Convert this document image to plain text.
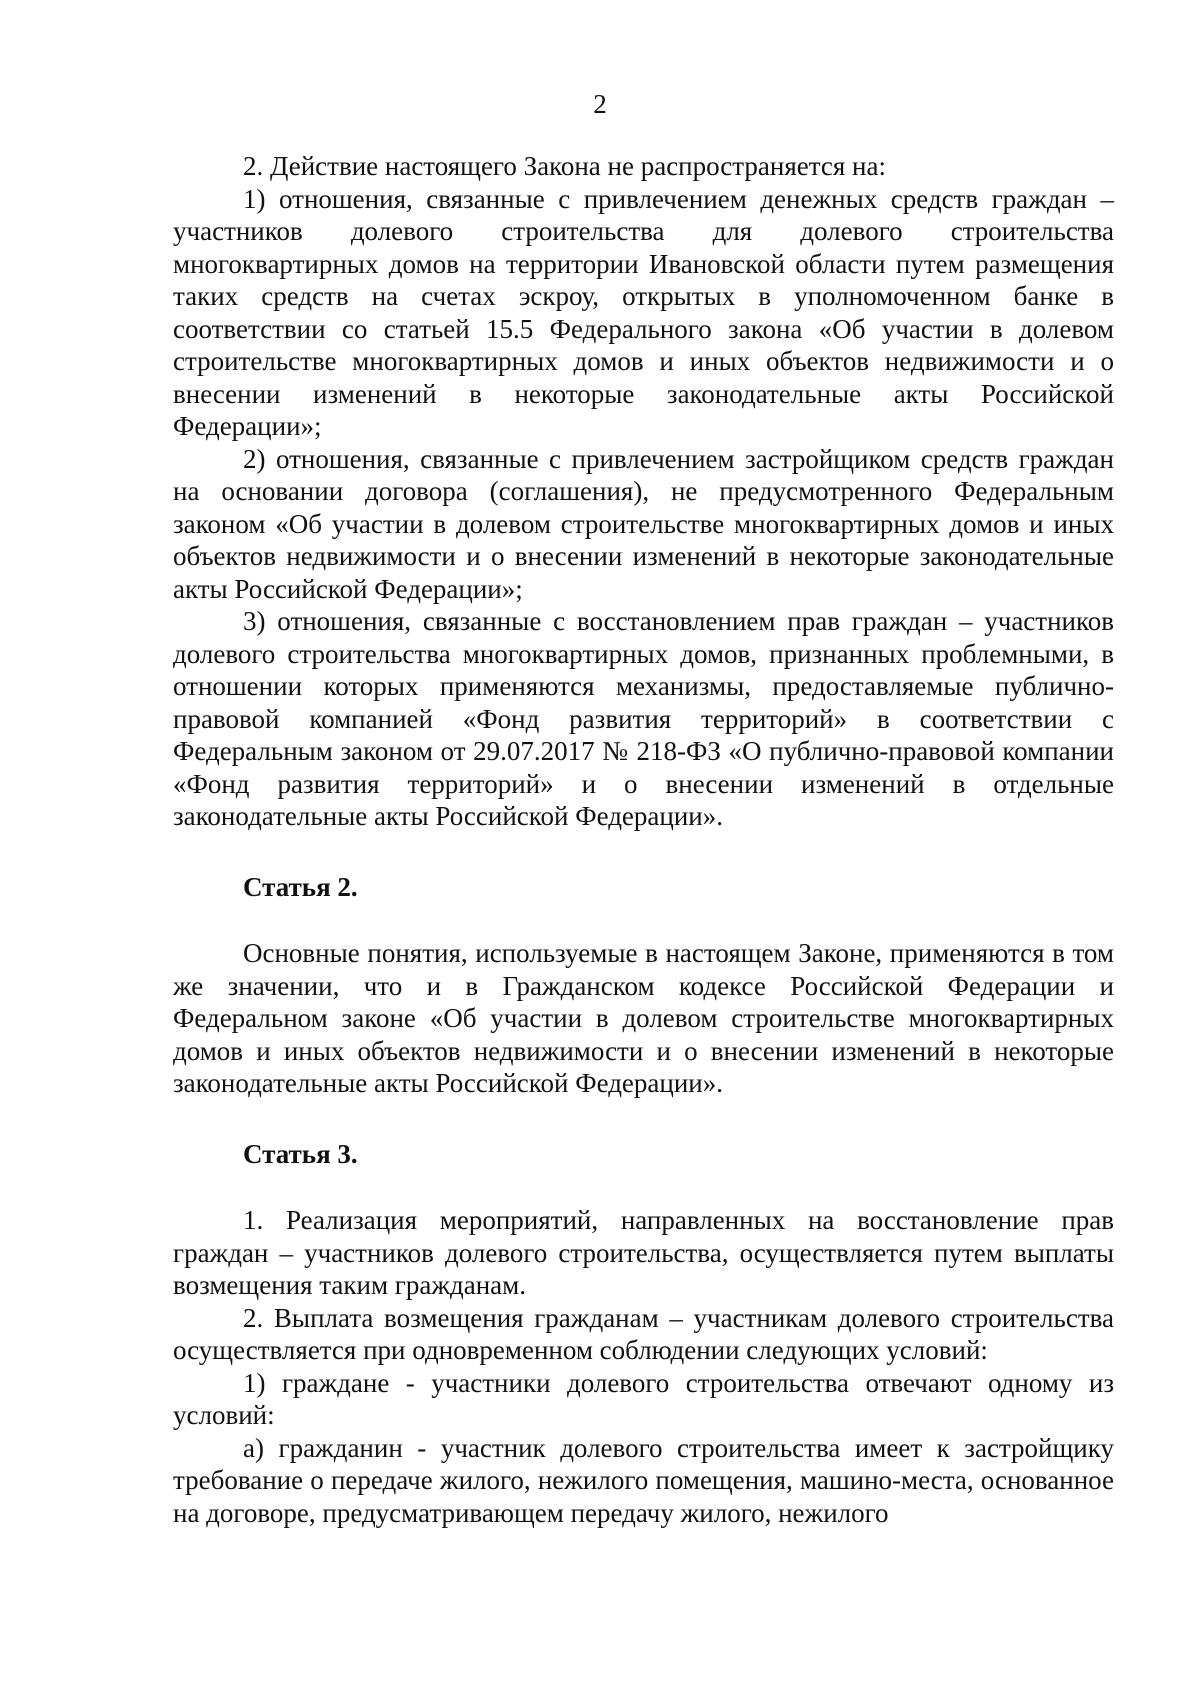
2

2. Действие настоящего Закона не распространяется на:

1) отношения, связанные с привлечением денежных средств граждан – участников долевого строительства для долевого строительства многоквартирных домов на территории Ивановской области путем размещения таких средств на счетах эскроу, открытых в уполномоченном банке в соответствии со статьей 15.5 Федерального закона «Об участии в долевом строительстве многоквартирных домов и иных объектов недвижимости и о внесении изменений в некоторые законодательные акты Российской Федерации»;

2) отношения, связанные с привлечением застройщиком средств граждан на основании договора (соглашения), не предусмотренного Федеральным законом «Об участии в долевом строительстве многоквартирных домов и иных объектов недвижимости и о внесении изменений в некоторые законодательные акты Российской Федерации»;

3) отношения, связанные с восстановлением прав граждан – участников долевого строительства многоквартирных домов, признанных проблемными, в отношении которых применяются механизмы, предоставляемые публично-правовой компанией «Фонд развития территорий» в соответствии с Федеральным законом от 29.07.2017 № 218-ФЗ «О публично-правовой компании «Фонд развития территорий» и о внесении изменений в отдельные законодательные акты Российской Федерации».

Статья 2.

Основные понятия, используемые в настоящем Законе, применяются в том же значении, что и в Гражданском кодексе Российской Федерации и Федеральном законе «Об участии в долевом строительстве многоквартирных домов и иных объектов недвижимости и о внесении изменений в некоторые законодательные акты Российской Федерации».

Статья 3.

1. Реализация мероприятий, направленных на восстановление прав граждан – участников долевого строительства, осуществляется путем выплаты возмещения таким гражданам.

2. Выплата возмещения гражданам – участникам долевого строительства осуществляется при одновременном соблюдении следующих условий:

1) граждане - участники долевого строительства отвечают одному из условий:

а) гражданин - участник долевого строительства имеет к застройщику требование о передаче жилого, нежилого помещения, машино-места, основанное на договоре, предусматривающем передачу жилого, нежилого
